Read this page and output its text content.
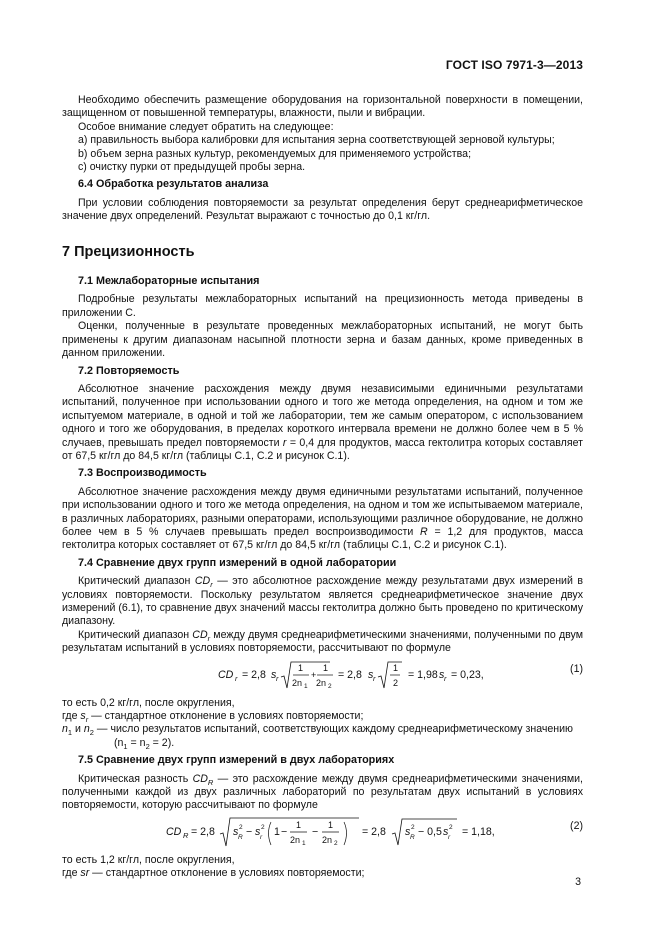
ГОСТ ISO 7971-3—2013

Необходимо обеспечить размещение оборудования на горизонтальной поверхности в помещении, защищенном от повышенной температуры, влажности, пыли и вибрации.

Особое внимание следует обратить на следующее:

a) правильность выбора калибровки для испытания зерна соответствующей зерновой культуры;

b) объем зерна разных культур, рекомендуемых для применяемого устройства;

c) очистку пурки от предыдущей пробы зерна.

6.4 Обработка результатов анализа

При условии соблюдения повторяемости за результат определения берут среднеарифметическое значение двух определений. Результат выражают с точностью до 0,1 кг/гл.

7 Прецизионность

7.1 Межлабораторные испытания

Подробные результаты межлабораторных испытаний на прецизионность метода приведены в приложении С.

Оценки, полученные в результате проведенных межлабораторных испытаний, не могут быть применены к другим диапазонам насыпной плотности зерна и базам данных, кроме приведенных в данном приложении.

7.2 Повторяемость

Абсолютное значение расхождения между двумя независимыми единичными результатами испытаний, полученное при использовании одного и того же метода определения, на одном и том же испытуемом материале, в одной и той же лаборатории, тем же самым оператором, с использованием одного и того же оборудования, в пределах короткого интервала времени не должно более чем в 5 % случаев, превышать предел повторяемости r = 0,4 для продуктов, масса гектолитра которых составляет от 67,5 кг/гл до 84,5 кг/гл (таблицы С.1, С.2 и рисунок С.1).

7.3 Воспроизводимость

Абсолютное значение расхождения между двумя единичными результатами испытаний, полученное при использовании одного и того же метода определения, на одном и том же испытываемом материале, в различных лабораториях, разными операторами, использующими различное оборудование, не должно более чем в 5 % случаев превышать предел воспроизводимости R = 1,2 для продуктов, масса гектолитра которых составляет от 67,5 кг/гл до 84,5 кг/гл (таблицы С.1, С.2 и рисунок С.1).

7.4 Сравнение двух групп измерений в одной лаборатории

Критический диапазон $CD_r$ — это абсолютное расхождение между результатами двух измерений в условиях повторяемости. Поскольку результатом является среднеарифметическое значение двух измерений (6.1), то сравнение двух значений массы гектолитра должно быть проведено по критическому диапазону.

Критический диапазон $CD_r$ между двумя среднеарифметическими значениями, полученными по двум результатам испытаний в условиях повторяемости, рассчитывают по формуле

CD r = 2,8 s r
1
2n 1
+
1
2n 2
= 2,8 s r
1
2
= 1,98 s r = 0,23,	(1)

то есть 0,2 кг/гл, после округления,

где $s_r$ — стандартное отклонение в условиях повторяемости;

$n_1$ и $n_2$ — число результатов испытаний, соответствующих каждому среднеарифметическому значению

$(n_1 = n_2 = 2)$.

7.5 Сравнение двух групп измерений в двух лабораториях

Критическая разность $CD_R$ — это расхождение между двумя среднеарифметическими значениями, полученными каждой из двух различных лабораторий по результатам двух испытаний в условиях повторяемости, которую рассчитывают по формуле

CD R = 2,8 s 2
R − s 2
r 1 −
1
2n 1
−
1
2n 2
= 2,8 s 2
R − 0,5 s 2
r = 1,18,	(2)

то есть 1,2 кг/гл, после округления,

где sr — стандартное отклонение в условиях повторяемости;

3
